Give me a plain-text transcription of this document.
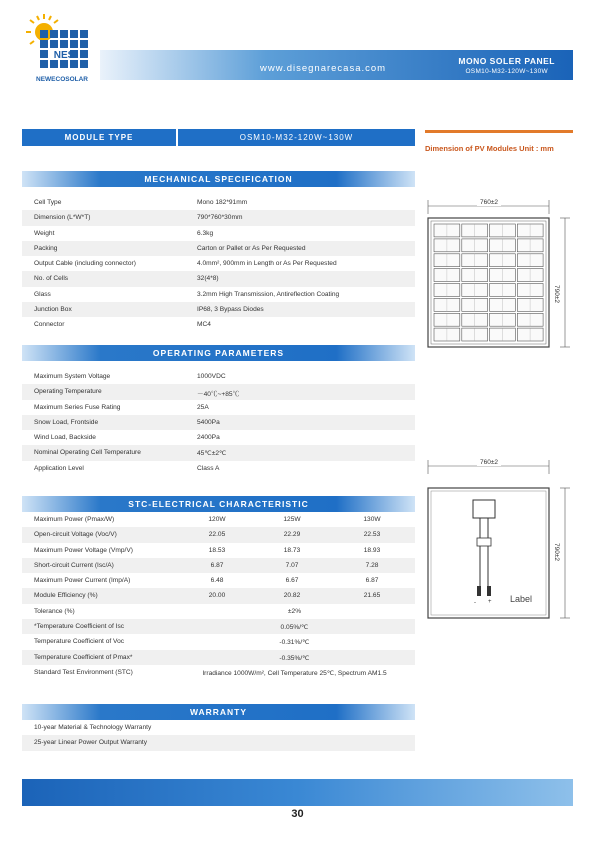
NES
NEWECOSOLAR
www.disegnarecasa.com
MONO SOLER PANEL
OSM10-M32-120W~130W
MODULE TYPE	OSM10-M32-120W~130W
Dimension of PV Modules Unit : mm
MECHANICAL SPECIFICATION
Cell Type	Mono 182*91mm
Dimension (L*W*T)	790*760*30mm
Weight	6.3kg
Packing	Carton or Pallet or As Per Requested
Output Cable (including connector)	4.0mm², 900mm in Length or As Per Requested
No. of Cells	32(4*8)
Glass	3.2mm High Transmission, Antireflection Coating
Junction Box	IP68, 3 Bypass Diodes
Connector	MC4
OPERATING PARAMETERS
Maximum System Voltage	1000VDC
Operating Temperature	－40℃~+85℃
Maximum Series Fuse Rating	25A
Snow Load, Frontside	5400Pa
Wind Load, Backside	2400Pa
Nominal Operating Cell Temperature	45℃±2℃
Application Level	Class A
STC-ELECTRICAL CHARACTERISTIC
Maximum Power (Pmax/W)	120W	125W	130W
Open-circuit Voltage (Voc/V)	22.05	22.29	22.53
Maximum Power Voltage (Vmp/V)	18.53	18.73	18.93
Short-circuit Current (Isc/A)	6.87	7.07	7.28
Maximum Power Current (Imp/A)	6.48	6.67	6.87
Module Efficiency (%)	20.00	20.82	21.65
Tolerance (%)	±2%
*Temperature Coefficient of Isc	0.05%/℃
Temperature Coefficient of Voc	-0.31%/℃
Temperature Coefficient of Pmax*	-0.35%/℃
Standard Test Environment (STC)	Irradiance 1000W/m², Cell Temperature 25℃, Spectrum AM1.5
WARRANTY
10-year Material & Technology Warranty
25-year Linear Power Output Warranty
760±2
790±2
760±2
790±2
- + Label
30
